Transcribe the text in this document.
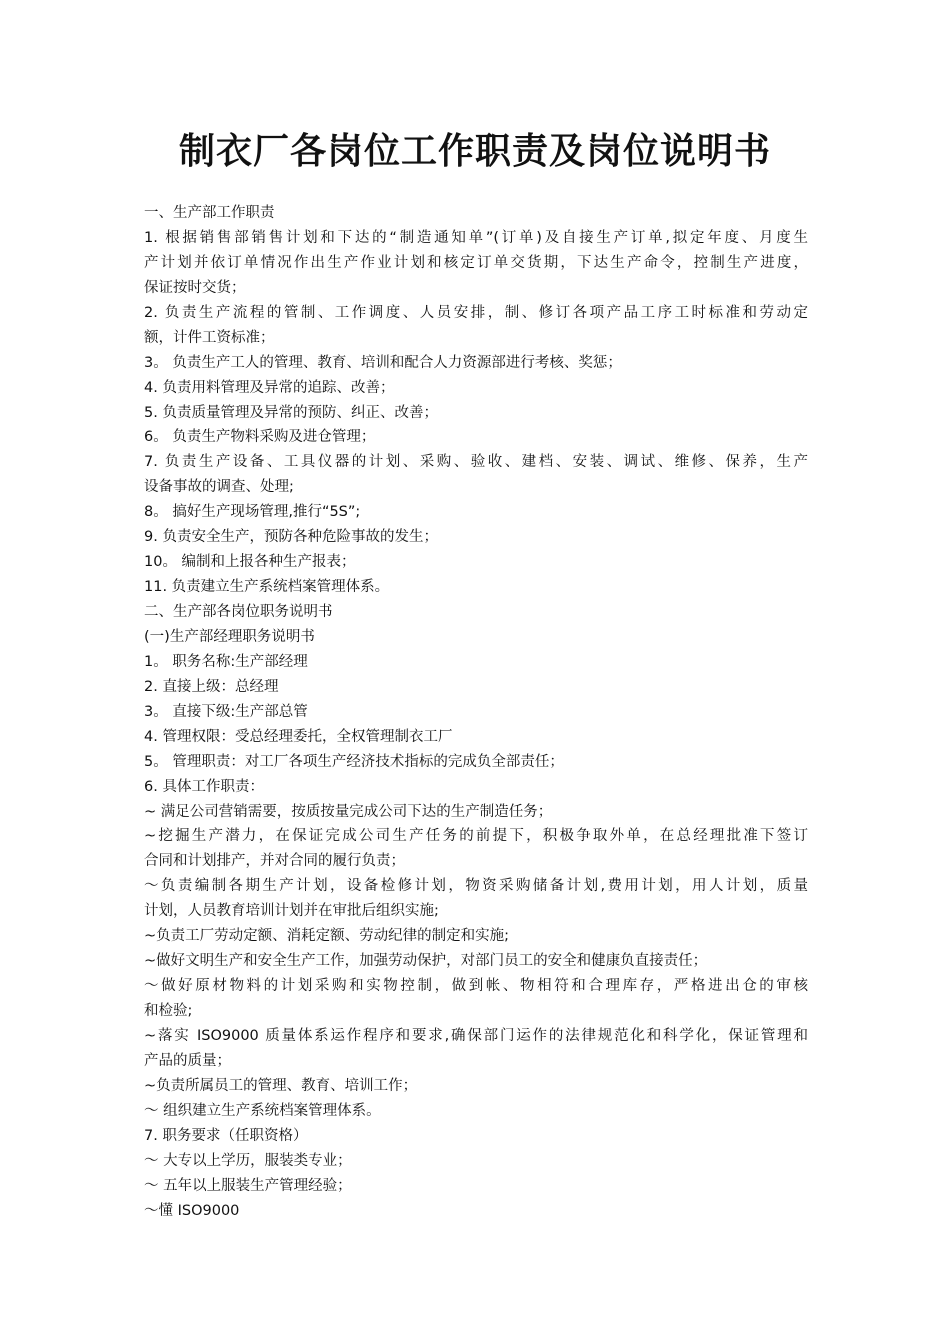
制衣厂各岗位工作职责及岗位说明书
一、生产部工作职责
1. 根据销售部销售计划和下达的“制造通知单”(订单)及自接生产订单,拟定年度、月度生
产计划并依订单情况作出生产作业计划和核定订单交货期，下达生产命令，控制生产进度，
保证按时交货；
2. 负责生产流程的管制、工作调度、人员安排，制、修订各项产品工序工时标准和劳动定
额，计件工资标准；
3。 负责生产工人的管理、教育、培训和配合人力资源部进行考核、奖惩；
4. 负责用料管理及异常的追踪、改善；
5. 负责质量管理及异常的预防、纠正、改善；
6。 负责生产物料采购及进仓管理；
7. 负责生产设备、工具仪器的计划、采购、验收、建档、安装、调试、维修、保养，生产
设备事故的调查、处理;
8。 搞好生产现场管理,推行“5S”;
9. 负责安全生产，预防各种危险事故的发生；
10。 编制和上报各种生产报表；
11. 负责建立生产系统档案管理体系。
二、生产部各岗位职务说明书
(一)生产部经理职务说明书
1。 职务名称:生产部经理
2. 直接上级：总经理
3。 直接下级:生产部总管
4. 管理权限：受总经理委托，全权管理制衣工厂
5。 管理职责：对工厂各项生产经济技术指标的完成负全部责任；
6. 具体工作职责：
~ 满足公司营销需要，按质按量完成公司下达的生产制造任务；
~挖掘生产潜力，在保证完成公司生产任务的前提下，积极争取外单，在总经理批准下签订
合同和计划排产，并对合同的履行负责；
～负责编制各期生产计划，设备检修计划，物资采购储备计划,费用计划，用人计划，质量
计划，人员教育培训计划并在审批后组织实施;
~负责工厂劳动定额、消耗定额、劳动纪律的制定和实施;
~做好文明生产和安全生产工作，加强劳动保护，对部门员工的安全和健康负直接责任；
～做好原材物料的计划采购和实物控制，做到帐、物相符和合理库存，严格进出仓的审核
和检验;
~落实 ISO9000 质量体系运作程序和要求,确保部门运作的法律规范化和科学化，保证管理和
产品的质量；
~负责所属员工的管理、教育、培训工作；
～ 组织建立生产系统档案管理体系。
7. 职务要求（任职资格）
～ 大专以上学历，服装类专业；
～ 五年以上服装生产管理经验；
～懂 ISO9000
